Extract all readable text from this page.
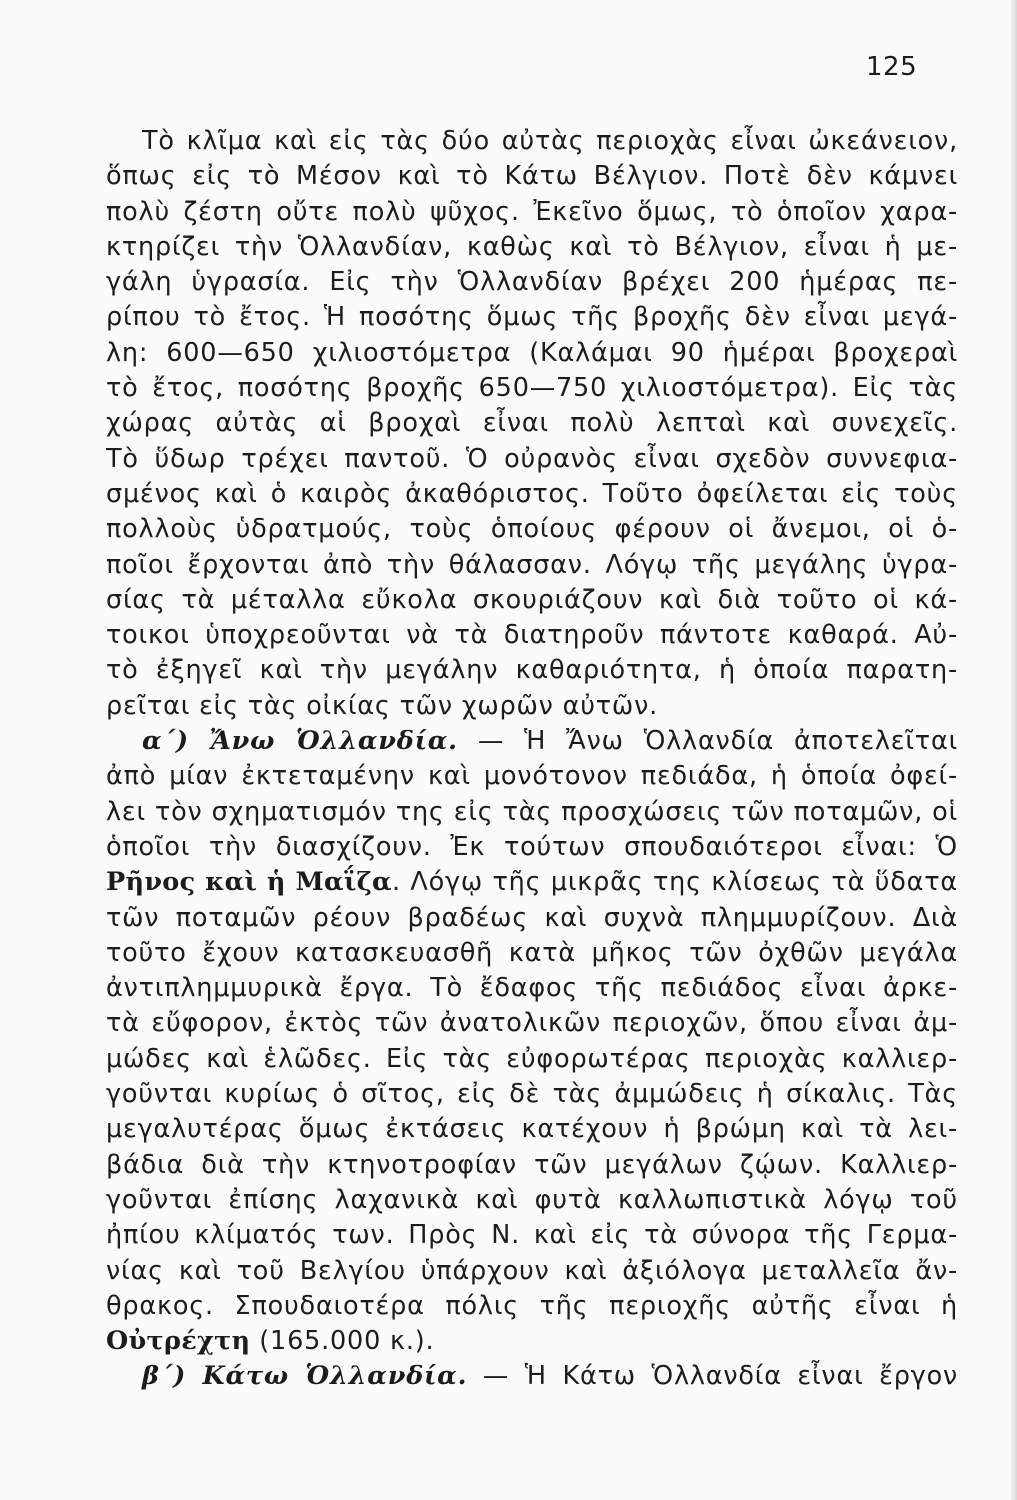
125
Τὸ κλῖμα καὶ εἰς τὰς δύο αὐτὰς περιοχὰς εἶναι ὠκεάνειον,
ὅπως εἰς τὸ Μέσον καὶ τὸ Κάτω Βέλγιον. Ποτὲ δὲν κάμνει
πολὺ ζέστη οὔτε πολὺ ψῦχος. Ἐκεῖνο ὅμως, τὸ ὁποῖον χαρα-
κτηρίζει τὴν Ὁλλανδίαν, καθὼς καὶ τὸ Βέλγιον, εἶναι ἡ με-
γάλη ὑγρασία. Εἰς τὴν Ὁλλανδίαν βρέχει 200 ἡμέρας πε-
ρίπου τὸ ἔτος. Ἡ ποσότης ὅμως τῆς βροχῆς δὲν εἶναι μεγά-
λη: 600—650 χιλιοστόμετρα (Καλάμαι 90 ἡμέραι βροχεραὶ
τὸ ἔτος, ποσότης βροχῆς 650—750 χιλιοστόμετρα). Εἰς τὰς
χώρας αὐτὰς αἱ βροχαὶ εἶναι πολὺ λεπταὶ καὶ συνεχεῖς.
Τὸ ὕδωρ τρέχει παντοῦ. Ὁ οὐρανὸς εἶναι σχεδὸν συννεφια-
σμένος καὶ ὁ καιρὸς ἀκαθόριστος. Τοῦτο ὀφείλεται εἰς τοὺς
πολλοὺς ὑδρατμούς, τοὺς ὁποίους φέρουν οἱ ἄνεμοι, οἱ ὁ-
ποῖοι ἔρχονται ἀπὸ τὴν θάλασσαν. Λόγῳ τῆς μεγάλης ὑγρα-
σίας τὰ μέταλλα εὔκολα σκουριάζουν καὶ διὰ τοῦτο οἱ κά-
τοικοι ὑποχρεοῦνται νὰ τὰ διατηροῦν πάντοτε καθαρά. Αὐ-
τὸ ἐξηγεῖ καὶ τὴν μεγάλην καθαριότητα, ἡ ὁποία παρατη-
ρεῖται εἰς τὰς οἰκίας τῶν χωρῶν αὐτῶν.
α΄) Ἄνω Ὁλλανδία. — Ἡ Ἄνω Ὁλλανδία ἀποτελεῖται
ἀπὸ μίαν ἐκτεταμένην καὶ μονότονον πεδιάδα, ἡ ὁποία ὀφεί-
λει τὸν σχηματισμόν της εἰς τὰς προσχώσεις τῶν ποταμῶν, οἱ
ὁποῖοι τὴν διασχίζουν. Ἐκ τούτων σπουδαιότεροι εἶναι: Ὁ
Ρῆνος καὶ ἡ Μαΐζα. Λόγῳ τῆς μικρᾶς της κλίσεως τὰ ὕδατα
τῶν ποταμῶν ρέουν βραδέως καὶ συχνὰ πλημμυρίζουν. Διὰ
τοῦτο ἔχουν κατασκευασθῆ κατὰ μῆκος τῶν ὀχθῶν μεγάλα
ἀντιπλημμυρικὰ ἔργα. Τὸ ἔδαφος τῆς πεδιάδος εἶναι ἀρκε-
τὰ εὔφορον, ἐκτὸς τῶν ἀνατολικῶν περιοχῶν, ὅπου εἶναι ἀμ-
μώδες καὶ ἑλῶδες. Εἰς τὰς εὐφορωτέρας περιοχὰς καλλιερ-
γοῦνται κυρίως ὁ σῖτος, εἰς δὲ τὰς ἀμμώδεις ἡ σίκαλις. Τὰς
μεγαλυτέρας ὅμως ἐκτάσεις κατέχουν ἡ βρώμη καὶ τὰ λει-
βάδια διὰ τὴν κτηνοτροφίαν τῶν μεγάλων ζῴων. Καλλιερ-
γοῦνται ἐπίσης λαχανικὰ καὶ φυτὰ καλλωπιστικὰ λόγῳ τοῦ
ἠπίου κλίματός των. Πρὸς Ν. καὶ εἰς τὰ σύνορα τῆς Γερμα-
νίας καὶ τοῦ Βελγίου ὑπάρχουν καὶ ἀξιόλογα μεταλλεῖα ἄν-
θρακος. Σπουδαιοτέρα πόλις τῆς περιοχῆς αὐτῆς εἶναι ἡ
Οὐτρέχτη (165.000 κ.).
β΄) Κάτω Ὁλλανδία. — Ἡ Κάτω Ὁλλανδία εἶναι ἔργον
